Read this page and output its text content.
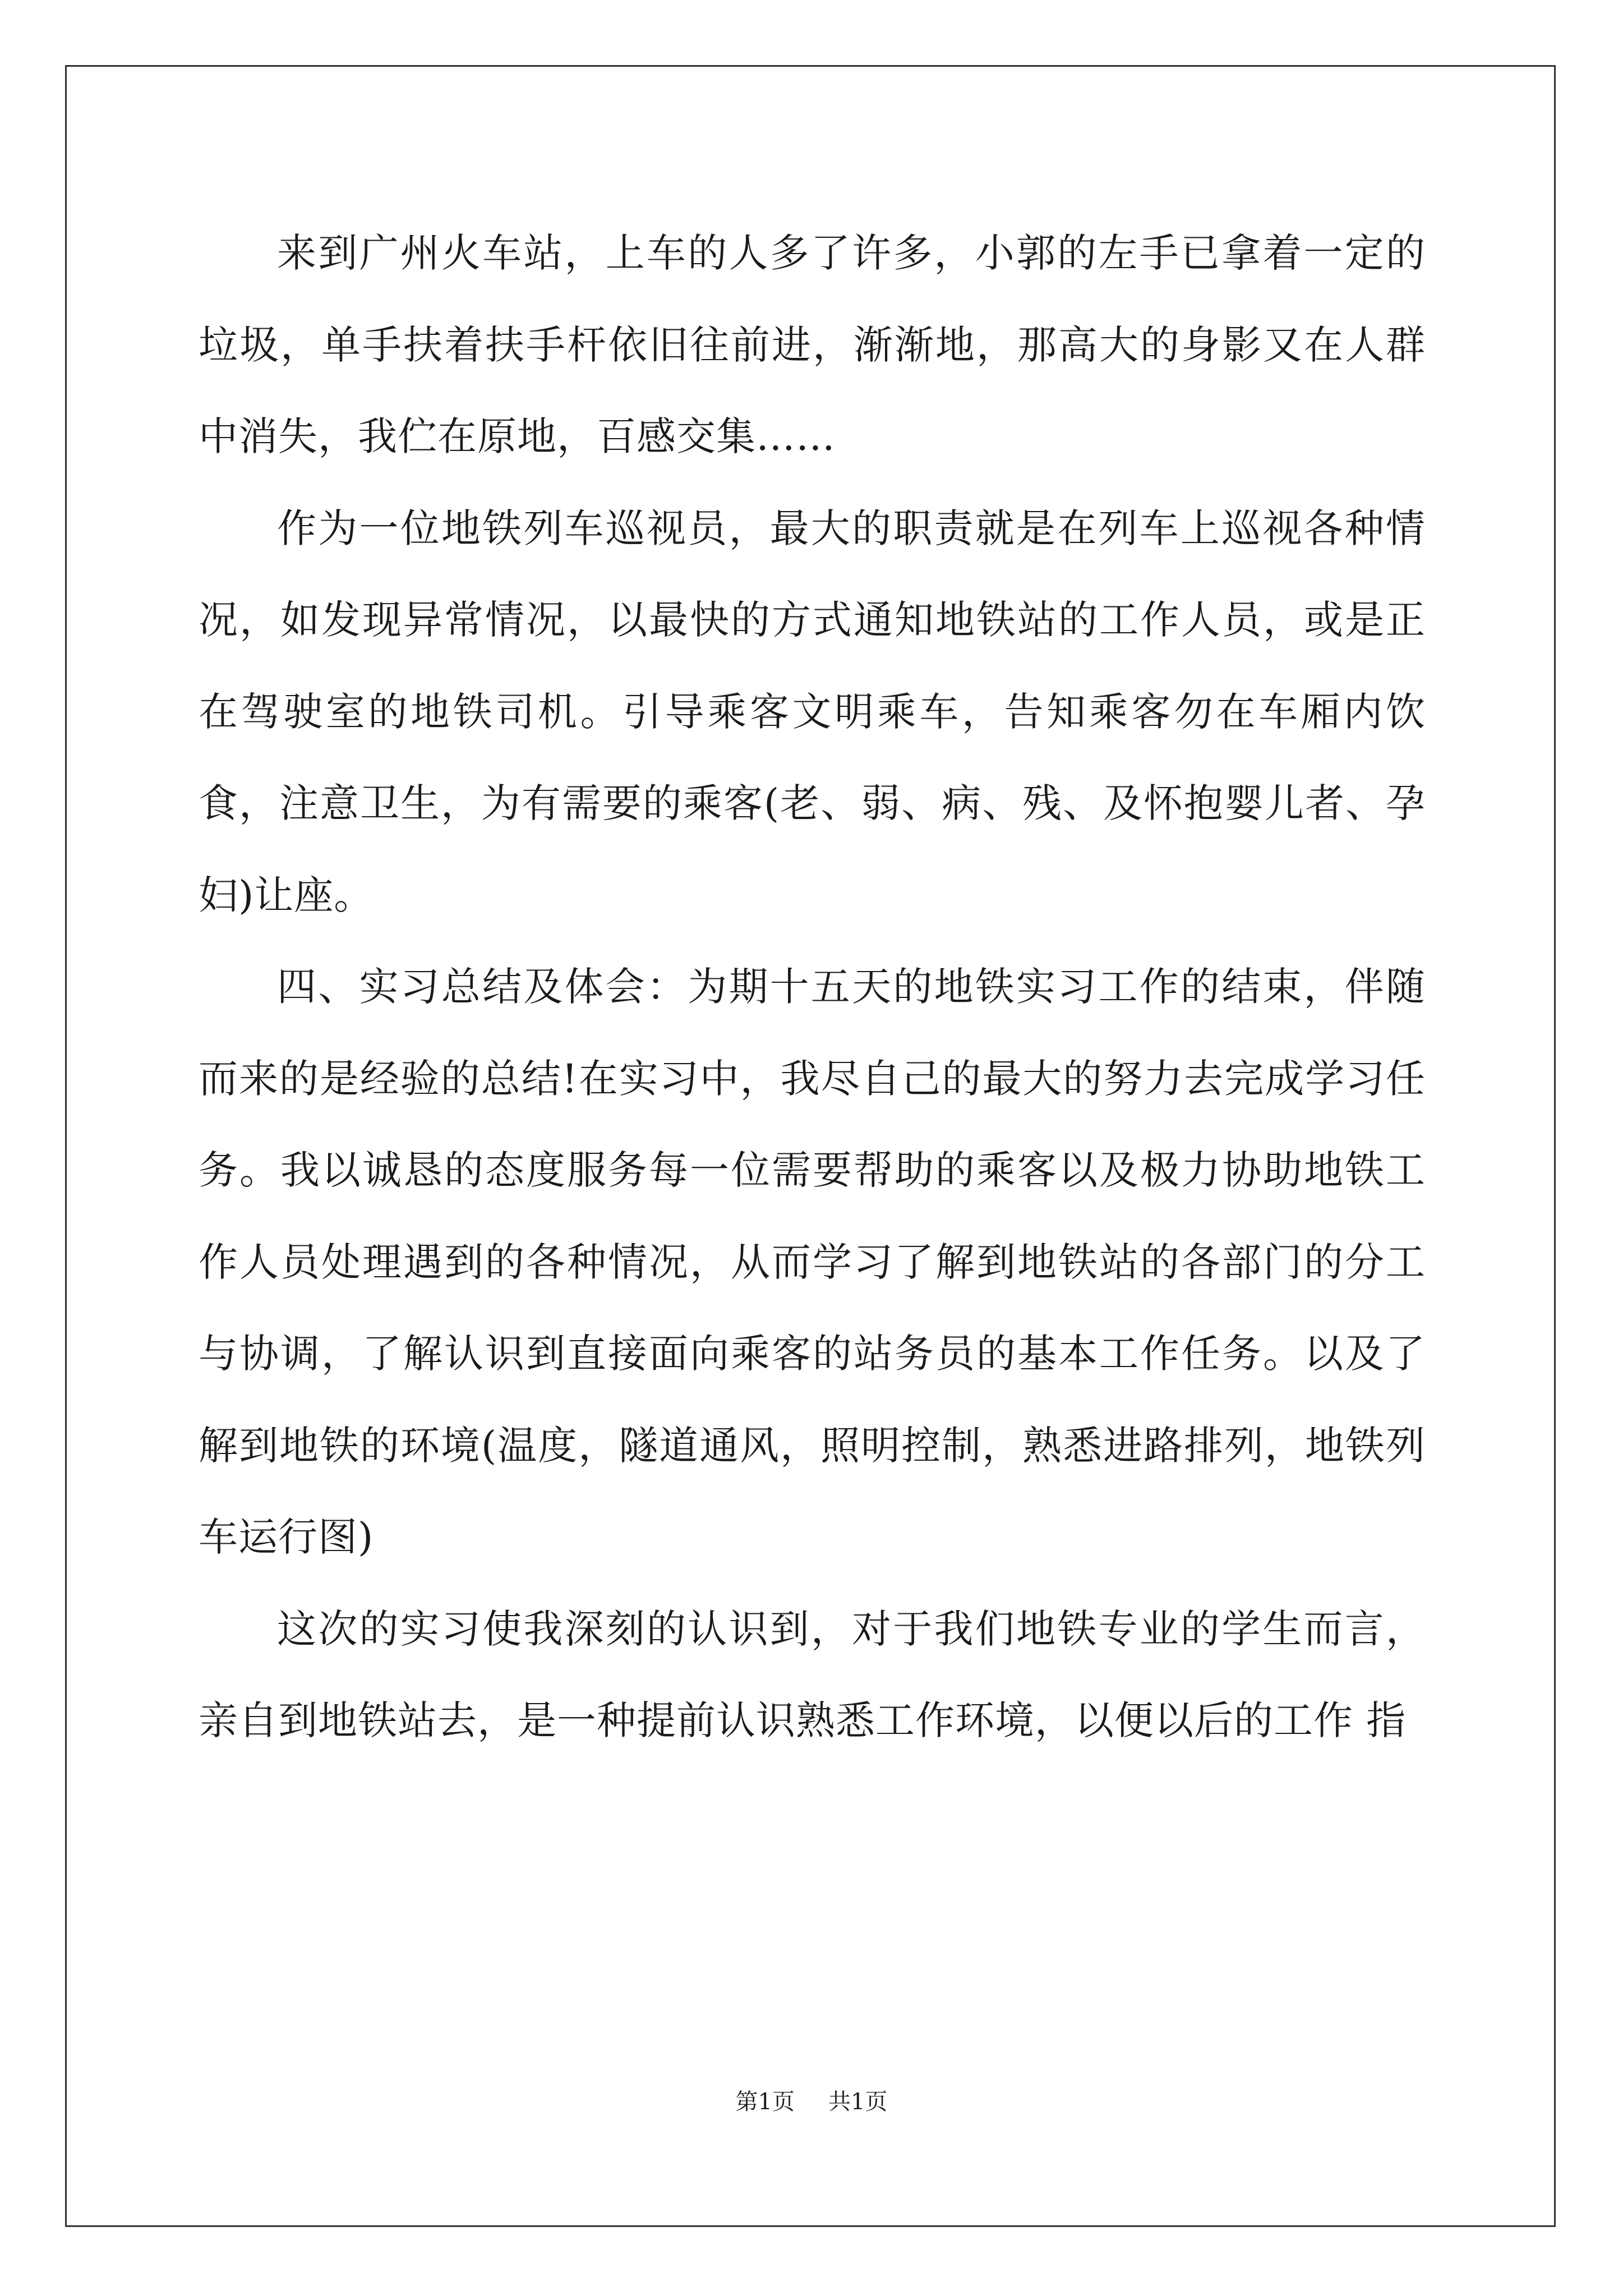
来到广州火车站，上车的人多了许多，小郭的左手已拿着一定的垃圾，单手扶着扶手杆依旧往前进，渐渐地，那高大的身影又在人群中消失，我伫在原地，百感交集……

作为一位地铁列车巡视员，最大的职责就是在列车上巡视各种情况，如发现异常情况，以最快的方式通知地铁站的工作人员，或是正在驾驶室的地铁司机。引导乘客文明乘车，告知乘客勿在车厢内饮食，注意卫生，为有需要的乘客(老、弱、病、残、及怀抱婴儿者、孕妇)让座。

四、实习总结及体会：为期十五天的地铁实习工作的结束，伴随而来的是经验的总结!在实习中，我尽自己的最大的努力去完成学习任务。我以诚恳的态度服务每一位需要帮助的乘客以及极力协助地铁工作人员处理遇到的各种情况，从而学习了解到地铁站的各部门的分工与协调，了解认识到直接面向乘客的站务员的基本工作任务。以及了解到地铁的环境(温度，隧道通风，照明控制，熟悉进路排列，地铁列车运行图)

这次的实习使我深刻的认识到，对于我们地铁专业的学生而言，亲自到地铁站去，是一种提前认识熟悉工作环境，以便以后的工作 指

第1页 共1页
